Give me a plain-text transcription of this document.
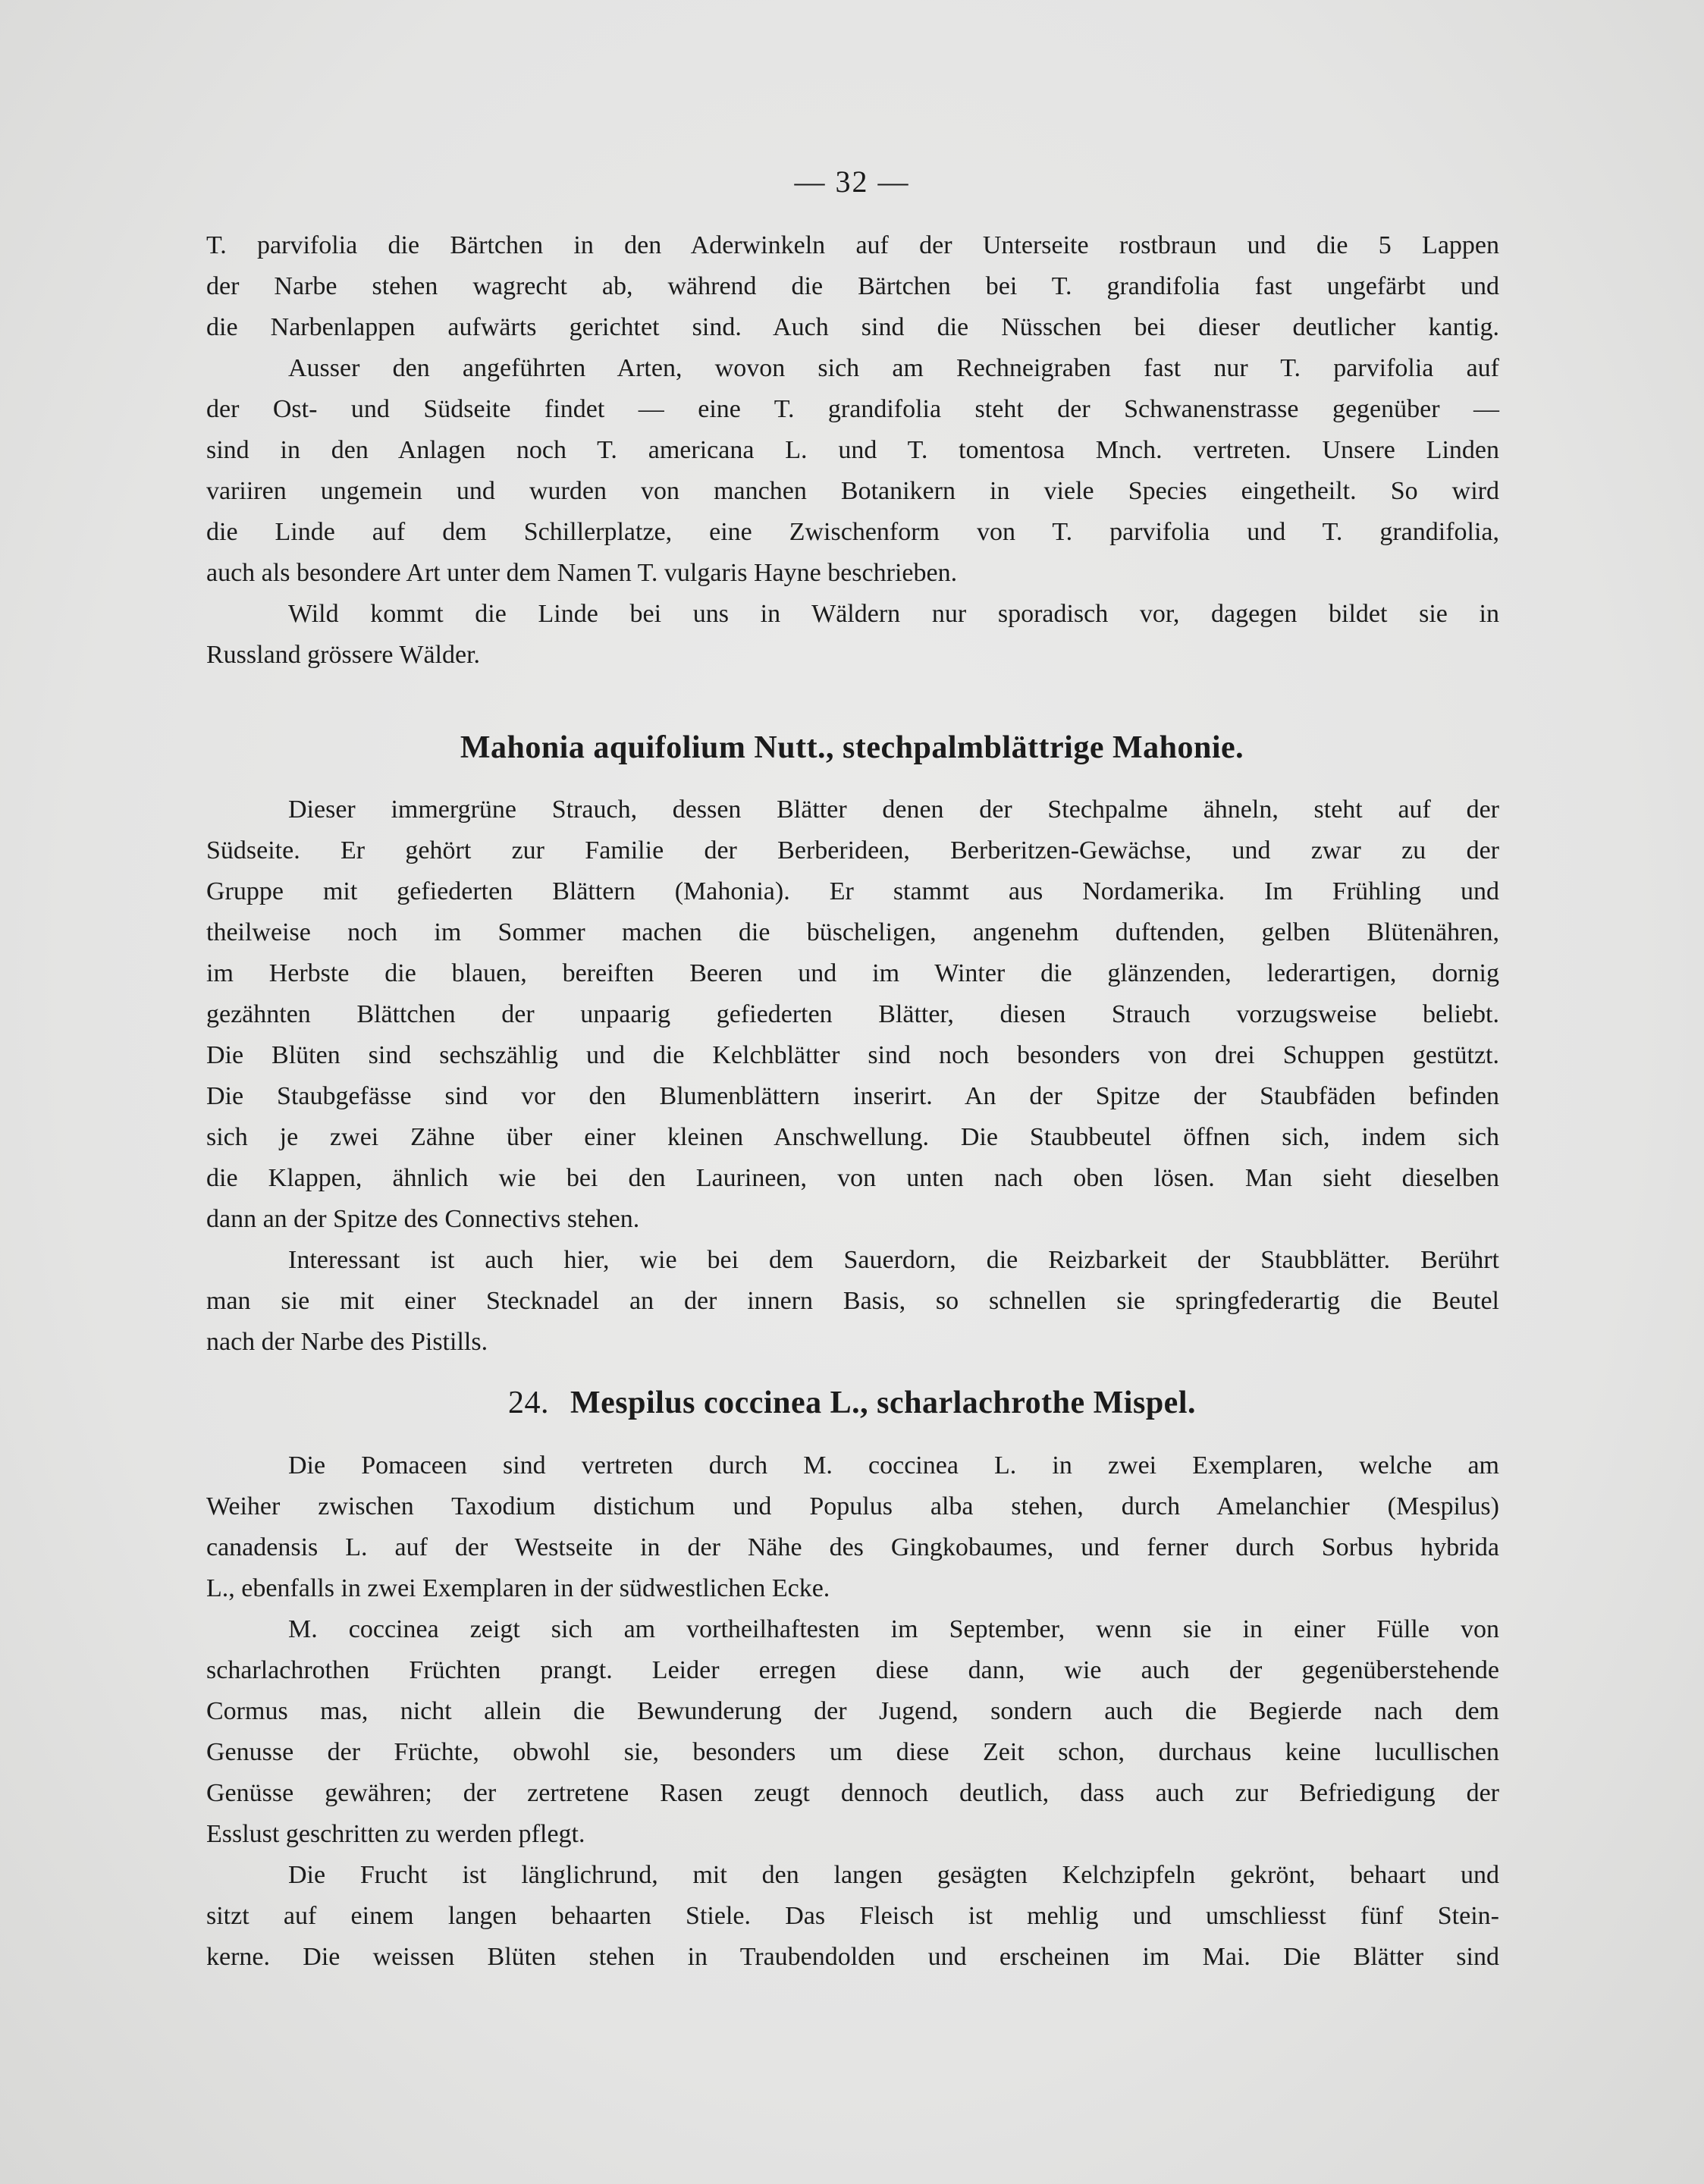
— 32 —
T. parvifolia die Bärtchen in den Aderwinkeln auf der Unterseite rostbraun und die 5 Lappen
der Narbe stehen wagrecht ab, während die Bärtchen bei T. grandifolia fast ungefärbt und
die Narbenlappen aufwärts gerichtet sind. Auch sind die Nüsschen bei dieser deutlicher kantig.
Ausser den angeführten Arten, wovon sich am Rechneigraben fast nur T. parvifolia auf
der Ost- und Südseite findet — eine T. grandifolia steht der Schwanenstrasse gegenüber —
sind in den Anlagen noch T. americana L. und T. tomentosa Mnch. vertreten. Unsere Linden
variiren ungemein und wurden von manchen Botanikern in viele Species eingetheilt. So wird
die Linde auf dem Schillerplatze, eine Zwischenform von T. parvifolia und T. grandifolia,
auch als besondere Art unter dem Namen T. vulgaris Hayne beschrieben.
Wild kommt die Linde bei uns in Wäldern nur sporadisch vor, dagegen bildet sie in
Russland grössere Wälder.
Mahonia aquifolium Nutt., stechpalmblättrige Mahonie.
Dieser immergrüne Strauch, dessen Blätter denen der Stechpalme ähneln, steht auf der
Südseite. Er gehört zur Familie der Berberideen, Berberitzen-Gewächse, und zwar zu der
Gruppe mit gefiederten Blättern (Mahonia). Er stammt aus Nordamerika. Im Frühling und
theilweise noch im Sommer machen die büscheligen, angenehm duftenden, gelben Blütenähren,
im Herbste die blauen, bereiften Beeren und im Winter die glänzenden, lederartigen, dornig
gezähnten Blättchen der unpaarig gefiederten Blätter, diesen Strauch vorzugsweise beliebt.
Die Blüten sind sechszählig und die Kelchblätter sind noch besonders von drei Schuppen gestützt.
Die Staubgefässe sind vor den Blumenblättern inserirt. An der Spitze der Staubfäden befinden
sich je zwei Zähne über einer kleinen Anschwellung. Die Staubbeutel öffnen sich, indem sich
die Klappen, ähnlich wie bei den Laurineen, von unten nach oben lösen. Man sieht dieselben
dann an der Spitze des Connectivs stehen.
Interessant ist auch hier, wie bei dem Sauerdorn, die Reizbarkeit der Staubblätter. Berührt
man sie mit einer Stecknadel an der innern Basis, so schnellen sie springfederartig die Beutel
nach der Narbe des Pistills.
24. Mespilus coccinea L., scharlachrothe Mispel.
Die Pomaceen sind vertreten durch M. coccinea L. in zwei Exemplaren, welche am
Weiher zwischen Taxodium distichum und Populus alba stehen, durch Amelanchier (Mespilus)
canadensis L. auf der Westseite in der Nähe des Gingkobaumes, und ferner durch Sorbus hybrida
L., ebenfalls in zwei Exemplaren in der südwestlichen Ecke.
M. coccinea zeigt sich am vortheilhaftesten im September, wenn sie in einer Fülle von
scharlachrothen Früchten prangt. Leider erregen diese dann, wie auch der gegenüberstehende
Cormus mas, nicht allein die Bewunderung der Jugend, sondern auch die Begierde nach dem
Genusse der Früchte, obwohl sie, besonders um diese Zeit schon, durchaus keine lucullischen
Genüsse gewähren; der zertretene Rasen zeugt dennoch deutlich, dass auch zur Befriedigung der
Esslust geschritten zu werden pflegt.
Die Frucht ist länglichrund, mit den langen gesägten Kelchzipfeln gekrönt, behaart und
sitzt auf einem langen behaarten Stiele. Das Fleisch ist mehlig und umschliesst fünf Stein-
kerne. Die weissen Blüten stehen in Traubendolden und erscheinen im Mai. Die Blätter sind
